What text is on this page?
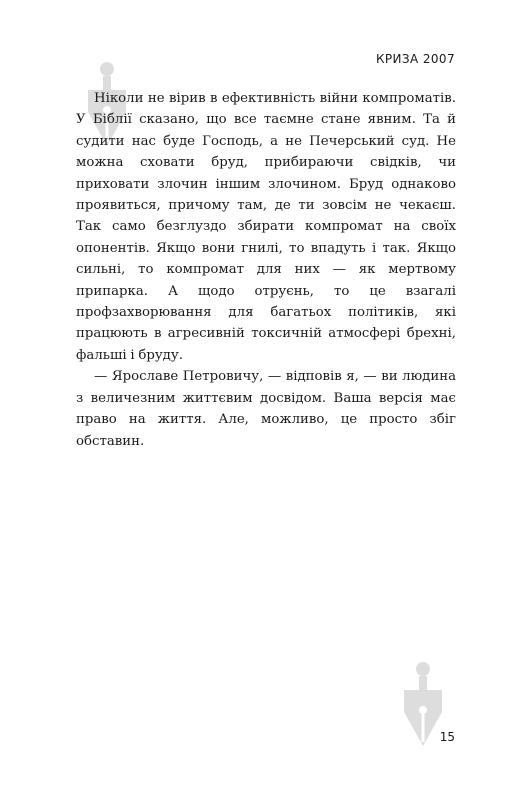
КРИЗА 2007

Ніколи не вірив в ефективність війни компроматів. У Біблії сказано, що все таємне стане явним. Та й судити нас буде Господь, а не Печерський суд. Не можна сховати бруд, прибираючи свідків, чи приховати злочин іншим злочином. Бруд однаково проявиться, причому там, де ти зовсім не чекаєш. Так само безглуздо збирати компромат на своїх опонентів. Якщо вони гнилі, то впадуть і так. Якщо сильні, то компромат для них — як мертвому припарка. А щодо отруєнь, то це взагалі профзахворювання для багатьох політиків, які працюють в агресивній токсичній атмосфері брехні, фальші і бруду.

— Ярославе Петровичу, — відповів я, — ви людина з величезним життєвим досвідом. Ваша версія має право на життя. Але, можливо, це просто збіг обставин.

15
